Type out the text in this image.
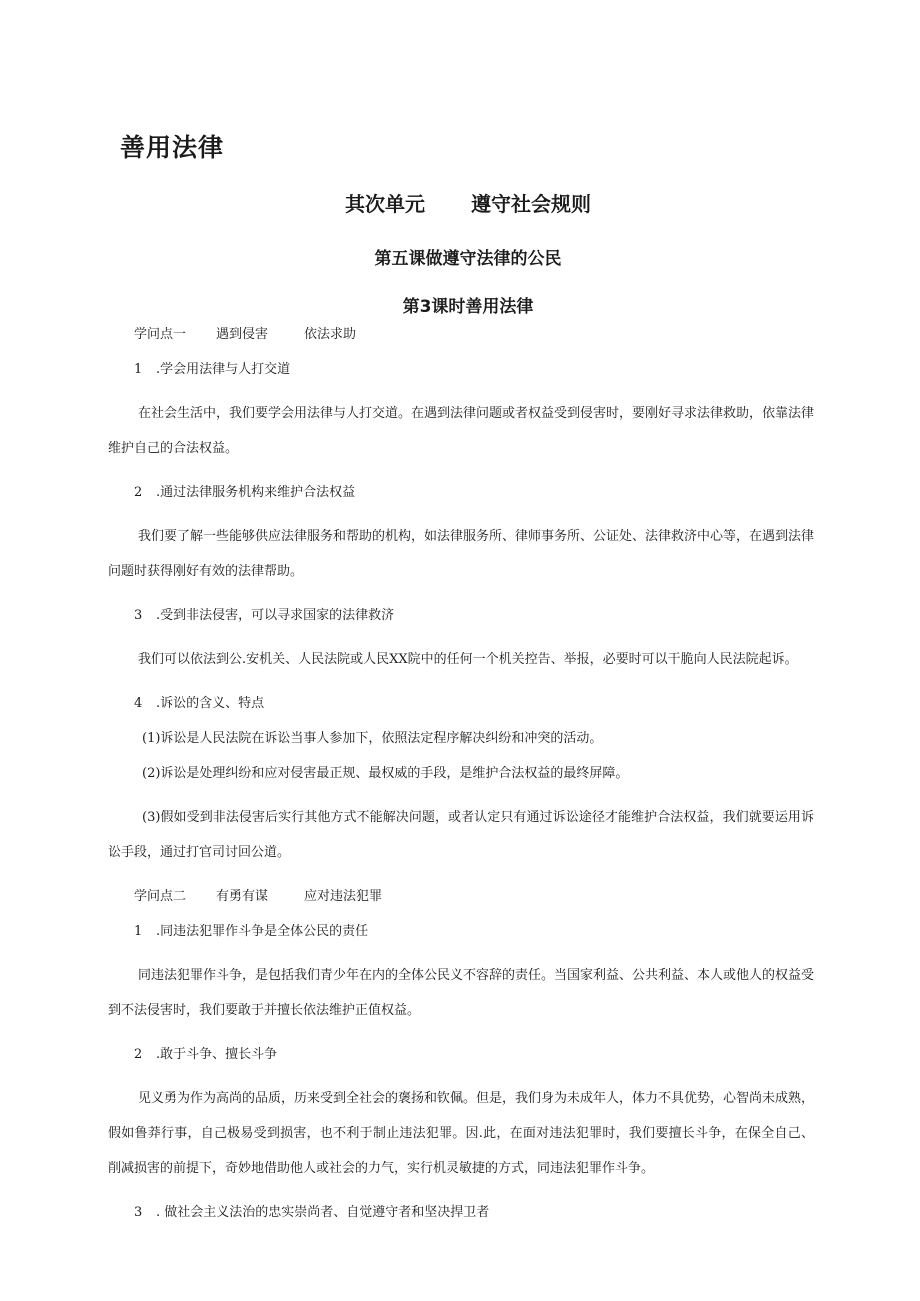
善用法律
其次单元 遵守社会规则
第五课做遵守法律的公民
第3课时善用法律
学问点一 遇到侵害	依法求助
1 .学会用法律与人打交道

在社会生活中，我们要学会用法律与人打交道。在遇到法律问题或者权益受到侵害时，要刚好寻求法律救助，依靠法律维护自己的合法权益。

2 .通过法律服务机构来维护合法权益

我们要了解一些能够供应法律服务和帮助的机构，如法律服务所、律师事务所、公证处、法律救济中心等，在遇到法律问题时获得刚好有效的法律帮助。

3 .受到非法侵害，可以寻求国家的法律救济

我们可以依法到公.安机关、人民法院或人民XX院中的任何一个机关控告、举报，必要时可以干脆向人民法院起诉。

4 .诉讼的含义、特点
(1)诉讼是人民法院在诉讼当事人参加下，依照法定程序解决纠纷和冲突的活动。
(2)诉讼是处理纠纷和应对侵害最正规、最权威的手段，是维护合法权益的最终屏障。

(3)假如受到非法侵害后实行其他方式不能解决问题，或者认定只有通过诉讼途径才能维护合法权益，我们就要运用诉讼手段，通过打官司讨回公道。

学问点二 有勇有谋	应对违法犯罪
1 .同违法犯罪作斗争是全体公民的责任

同违法犯罪作斗争，是包括我们青少年在内的全体公民义不容辞的责任。当国家利益、公共利益、本人或他人的权益受到不法侵害时，我们要敢于并擅长依法维护正值权益。

2 .敢于斗争、擅长斗争

见义勇为作为高尚的品质，历来受到全社会的褒扬和钦佩。但是，我们身为未成年人，体力不具优势，心智尚未成熟，假如鲁莽行事，自己极易受到损害，也不利于制止违法犯罪。因.此，在面对违法犯罪时，我们要擅长斗争，在保全自己、削减损害的前提下，奇妙地借助他人或社会的力气，实行机灵敏捷的方式，同违法犯罪作斗争。

3 . 做社会主义法治的忠实崇尚者、自觉遵守者和坚决捍卫者
